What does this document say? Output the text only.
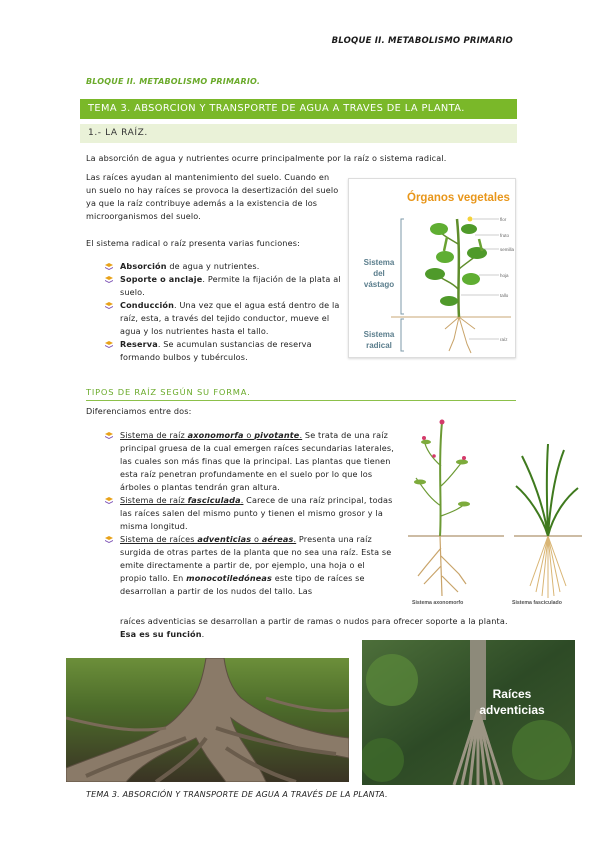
BLOQUE II. METABOLISMO PRIMARIO
BLOQUE II. METABOLISMO PRIMARIO.
TEMA 3. ABSORCION Y TRANSPORTE DE AGUA A TRAVES DE LA PLANTA.
1.- LA RAÍZ.

La absorción de agua y nutrientes ocurre principalmente por la raíz o sistema radical.

Las raíces ayudan al mantenimiento del suelo. Cuando en un suelo no hay raíces se provoca la desertización del suelo ya que la raíz contribuye además a la existencia de los microorganismos del suelo.

El sistema radical o raíz presenta varias funciones:

Absorción de agua y nutrientes.
Soporte o anclaje. Permite la fijación de la plata al suelo.
Conducción. Una vez que el agua está dentro de la raíz, esta, a través del tejido conductor, mueve el agua y los nutrientes hasta el tallo.
Reserva. Se acumulan sustancias de reserva formando bulbos y tubérculos.
Órganos vegetales
Sistema
del
vástago
Sistema
radical
flor
fruto
semilla
hoja
tallo
raíz
TIPOS DE RAÍZ SEGÚN SU FORMA.

Diferenciamos entre dos:

Sistema de raíz axonomorfa o pivotante. Se trata de una raíz principal gruesa de la cual emergen raíces secundarias laterales, las cuales son más finas que la principal. Las plantas que tienen esta raíz penetran profundamente en el suelo por lo que los árboles o plantas tendrán gran altura.
Sistema de raíz fasciculada. Carece de una raíz principal, todas las raíces salen del mismo punto y tienen el mismo grosor y la misma longitud.
Sistema de raíces adventicias o aéreas. Presenta una raíz surgida de otras partes de la planta que no sea una raíz. Esta se emite directamente a partir de, por ejemplo, una hoja o el propio tallo. En monocotiledóneas este tipo de raíces se desarrollan a partir de los nudos del tallo. Las
Sistema axonomorfo	Sistema fasciculado

raíces adventicias se desarrollan a partir de ramas o nudos para ofrecer soporte a la planta. Esa es su función.

Raíces
adventicias
TEMA 3. ABSORCIÓN Y TRANSPORTE DE AGUA A TRAVÉS DE LA PLANTA.
